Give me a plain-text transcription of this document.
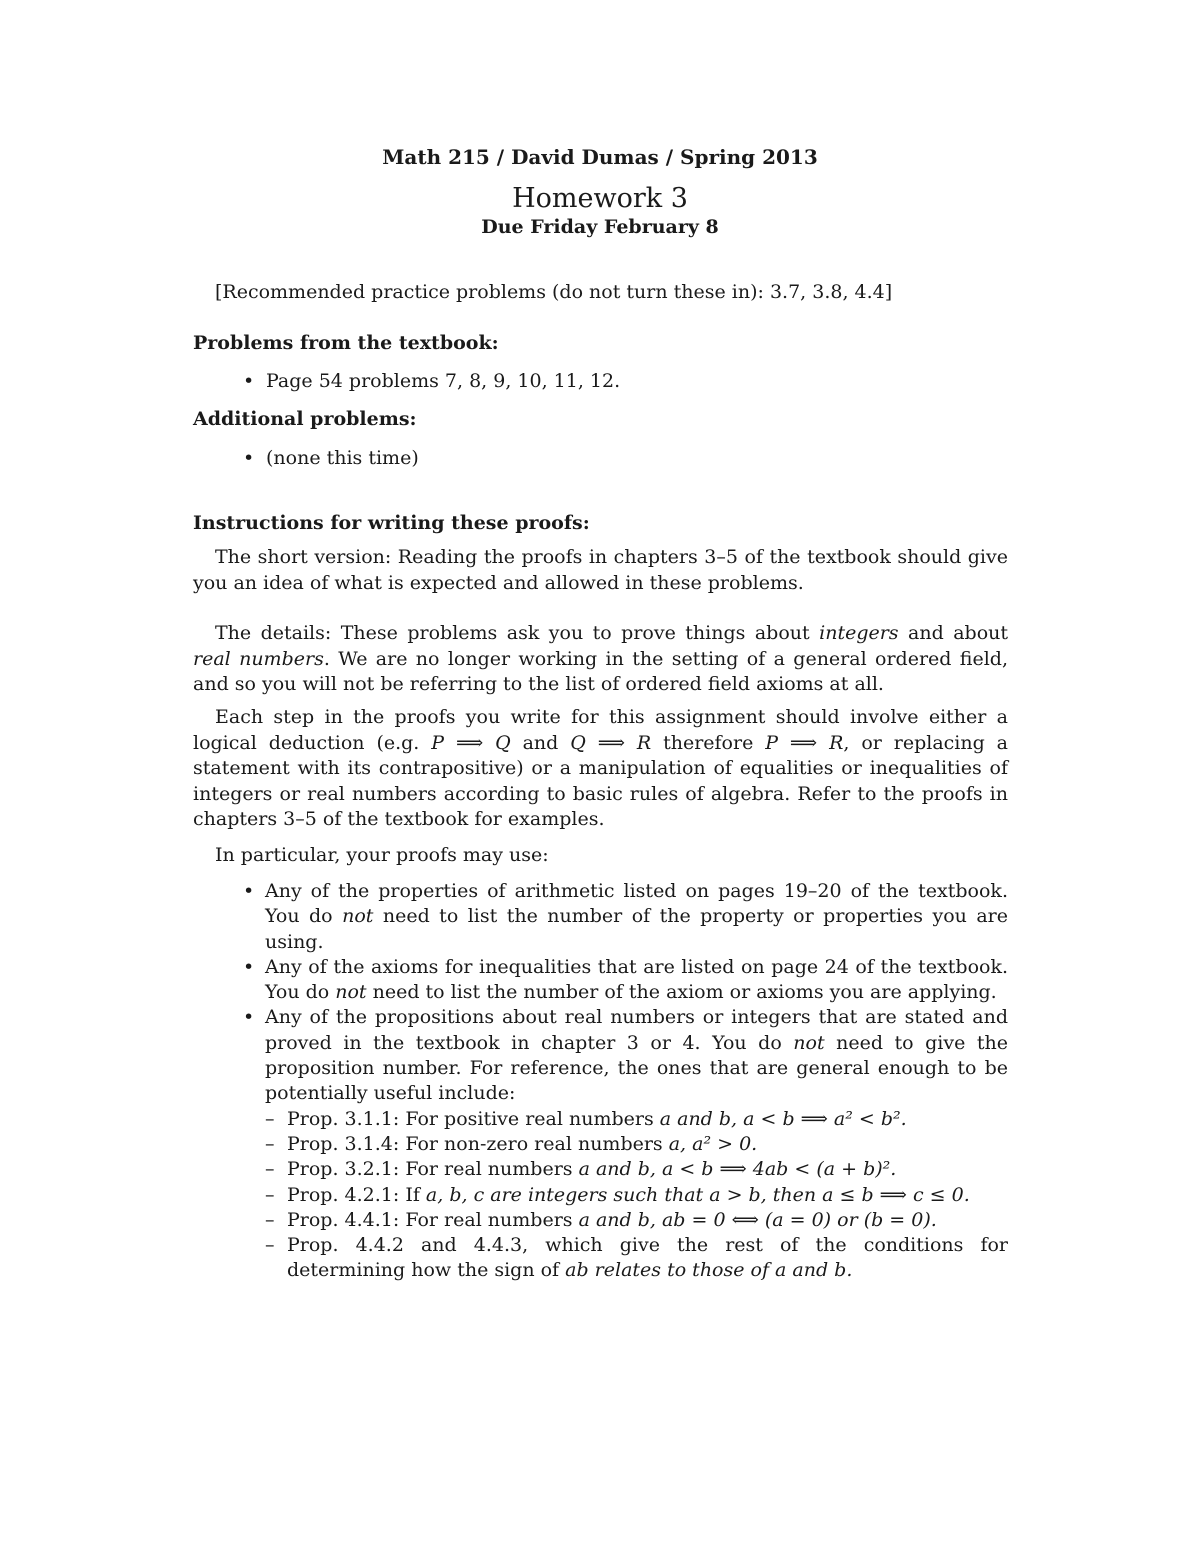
Math 215 / David Dumas / Spring 2013
Homework 3
Due Friday February 8
[Recommended practice problems (do not turn these in): 3.7, 3.8, 4.4]
Problems from the textbook:
• Page 54 problems 7, 8, 9, 10, 11, 12.
Additional problems:
• (none this time)
Instructions for writing these proofs:
The short version: Reading the proofs in chapters 3–5 of the textbook should give you an idea of what is expected and allowed in these problems.
The details: These problems ask you to prove things about integers and about real numbers. We are no longer working in the setting of a general ordered field, and so you will not be referring to the list of ordered field axioms at all.
Each step in the proofs you write for this assignment should involve either a logical deduction (e.g. P ⟹ Q and Q ⟹ R therefore P ⟹ R, or replacing a statement with its contrapositive) or a manipulation of equalities or inequalities of integers or real numbers according to basic rules of algebra. Refer to the proofs in chapters 3–5 of the textbook for examples.
In particular, your proofs may use:
• Any of the properties of arithmetic listed on pages 19–20 of the textbook. You do not need to list the number of the property or properties you are using.
• Any of the axioms for inequalities that are listed on page 24 of the textbook. You do not need to list the number of the axiom or axioms you are applying.
• Any of the propositions about real numbers or integers that are stated and proved in the textbook in chapter 3 or 4. You do not need to give the proposition number. For reference, the ones that are general enough to be potentially useful include:
– Prop. 3.1.1: For positive real numbers a and b, a < b ⟹ a² < b².
– Prop. 3.1.4: For non-zero real numbers a, a² > 0.
– Prop. 3.2.1: For real numbers a and b, a < b ⟹ 4ab < (a + b)².
– Prop. 4.2.1: If a, b, c are integers such that a > b, then a ≤ b ⟹ c ≤ 0.
– Prop. 4.4.1: For real numbers a and b, ab = 0 ⟺ (a = 0) or (b = 0).
– Prop. 4.4.2 and 4.4.3, which give the rest of the conditions for determining how the sign of ab relates to those of a and b.
